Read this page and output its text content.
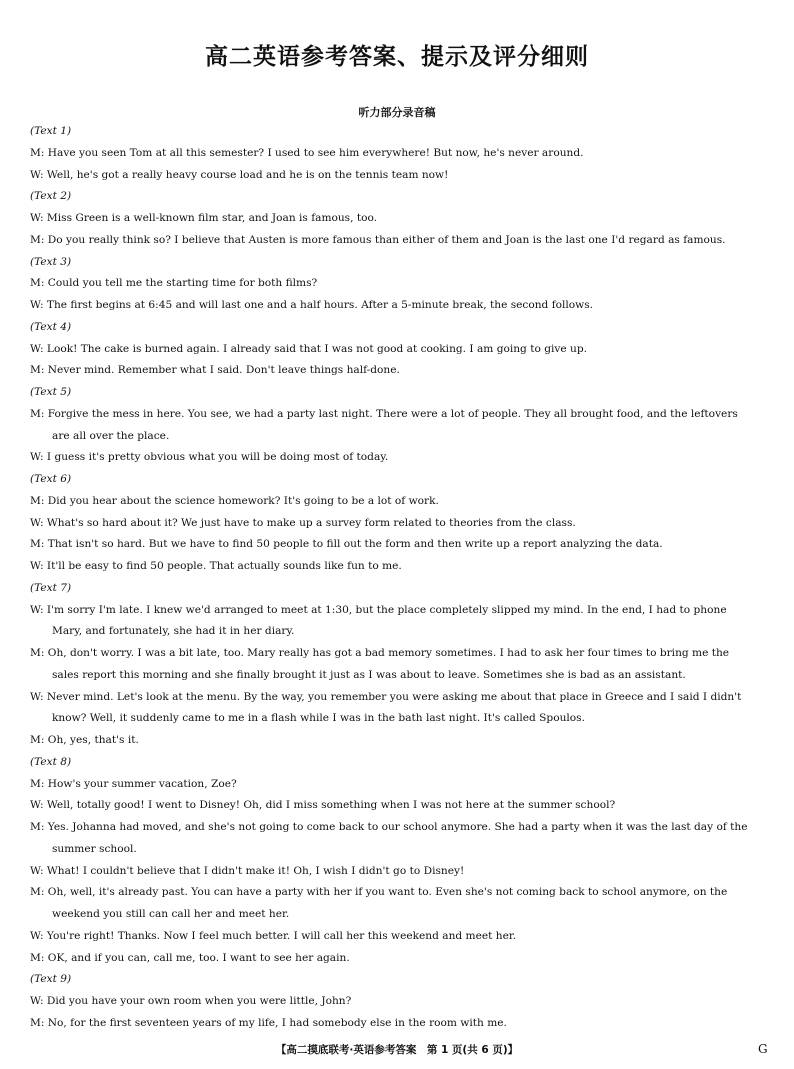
高二英语参考答案、提示及评分细则
听力部分录音稿
(Text 1)
M: Have you seen Tom at all this semester? I used to see him everywhere! But now, he's never around.
W: Well, he's got a really heavy course load and he is on the tennis team now!
(Text 2)
W: Miss Green is a well-known film star, and Joan is famous, too.
M: Do you really think so? I believe that Austen is more famous than either of them and Joan is the last one I'd regard as famous.
(Text 3)
M: Could you tell me the starting time for both films?
W: The first begins at 6:45 and will last one and a half hours. After a 5-minute break, the second follows.
(Text 4)
W: Look! The cake is burned again. I already said that I was not good at cooking. I am going to give up.
M: Never mind. Remember what I said. Don't leave things half-done.
(Text 5)
M: Forgive the mess in here. You see, we had a party last night. There were a lot of people. They all brought food, and the leftovers
are all over the place.
W: I guess it's pretty obvious what you will be doing most of today.
(Text 6)
M: Did you hear about the science homework? It's going to be a lot of work.
W: What's so hard about it? We just have to make up a survey form related to theories from the class.
M: That isn't so hard. But we have to find 50 people to fill out the form and then write up a report analyzing the data.
W: It'll be easy to find 50 people. That actually sounds like fun to me.
(Text 7)
W: I'm sorry I'm late. I knew we'd arranged to meet at 1:30, but the place completely slipped my mind. In the end, I had to phone
Mary, and fortunately, she had it in her diary.
M: Oh, don't worry. I was a bit late, too. Mary really has got a bad memory sometimes. I had to ask her four times to bring me the
sales report this morning and she finally brought it just as I was about to leave. Sometimes she is bad as an assistant.
W: Never mind. Let's look at the menu. By the way, you remember you were asking me about that place in Greece and I said I didn't
know? Well, it suddenly came to me in a flash while I was in the bath last night. It's called Spoulos.
M: Oh, yes, that's it.
(Text 8)
M: How's your summer vacation, Zoe?
W: Well, totally good! I went to Disney! Oh, did I miss something when I was not here at the summer school?
M: Yes. Johanna had moved, and she's not going to come back to our school anymore. She had a party when it was the last day of the
summer school.
W: What! I couldn't believe that I didn't make it! Oh, I wish I didn't go to Disney!
M: Oh, well, it's already past. You can have a party with her if you want to. Even she's not coming back to school anymore, on the
weekend you still can call her and meet her.
W: You're right! Thanks. Now I feel much better. I will call her this weekend and meet her.
M: OK, and if you can, call me, too. I want to see her again.
(Text 9)
W: Did you have your own room when you were little, John?
M: No, for the first seventeen years of my life, I had somebody else in the room with me.
【高二摸底联考·英语参考答案　第 1 页(共 6 页)】	G
